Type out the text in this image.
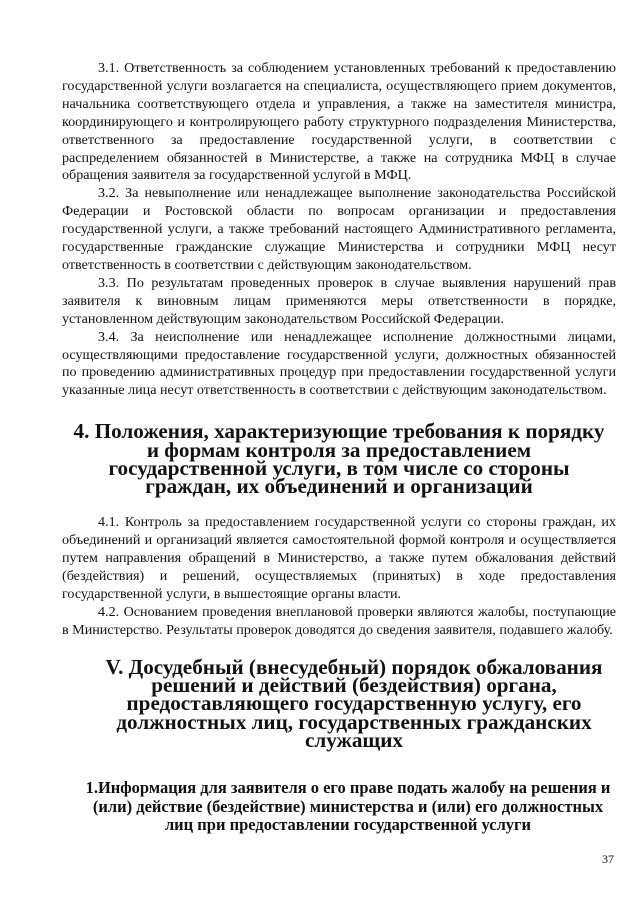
3.1. Ответственность за соблюдением установленных требований к предоставлению государственной услуги возлагается на специалиста, осуществляющего прием документов, начальника соответствующего отдела и управления, а также на заместителя министра, координирующего и контролирующего работу структурного подразделения Министерства, ответственного за предоставление государственной услуги, в соответствии с распределением обязанностей в Министерстве, а также на сотрудника МФЦ в случае обращения заявителя за государственной услугой в МФЦ.

3.2. За невыполнение или ненадлежащее выполнение законодательства Российской Федерации и Ростовской области по вопросам организации и предоставления государственной услуги, а также требований настоящего Административного регламента, государственные гражданские служащие Министерства и сотрудники МФЦ несут ответственность в соответствии с действующим законодательством.

3.3. По результатам проведенных проверок в случае выявления нарушений прав заявителя к виновным лицам применяются меры ответственности в порядке, установленном действующим законодательством Российской Федерации.

3.4. За неисполнение или ненадлежащее исполнение должностными лицами, осуществляющими предоставление государственной услуги, должностных обязанностей по проведению административных процедур при предоставлении государственной услуги указанные лица несут ответственность в соответствии с действующим законодательством.

4. Положения, характеризующие требования к порядку и формам контроля за предоставлением государственной услуги, в том числе со стороны граждан, их объединений и организаций

4.1. Контроль за предоставлением государственной услуги со стороны граждан, их объединений и организаций является самостоятельной формой контроля и осуществляется путем направления обращений в Министерство, а также путем обжалования действий (бездействия) и решений, осуществляемых (принятых) в ходе предоставления государственной услуги, в вышестоящие органы власти.

4.2. Основанием проведения внеплановой проверки являются жалобы, поступающие в Министерство. Результаты проверок доводятся до сведения заявителя, подавшего жалобу.

V. Досудебный (внесудебный) порядок обжалования решений и действий (бездействия) органа, предоставляющего государственную услугу, его должностных лиц, государственных гражданских служащих
1.Информация для заявителя о его праве подать жалобу на решения и (или) действие (бездействие) министерства и (или) его должностных лиц при предоставлении государственной услуги
37
